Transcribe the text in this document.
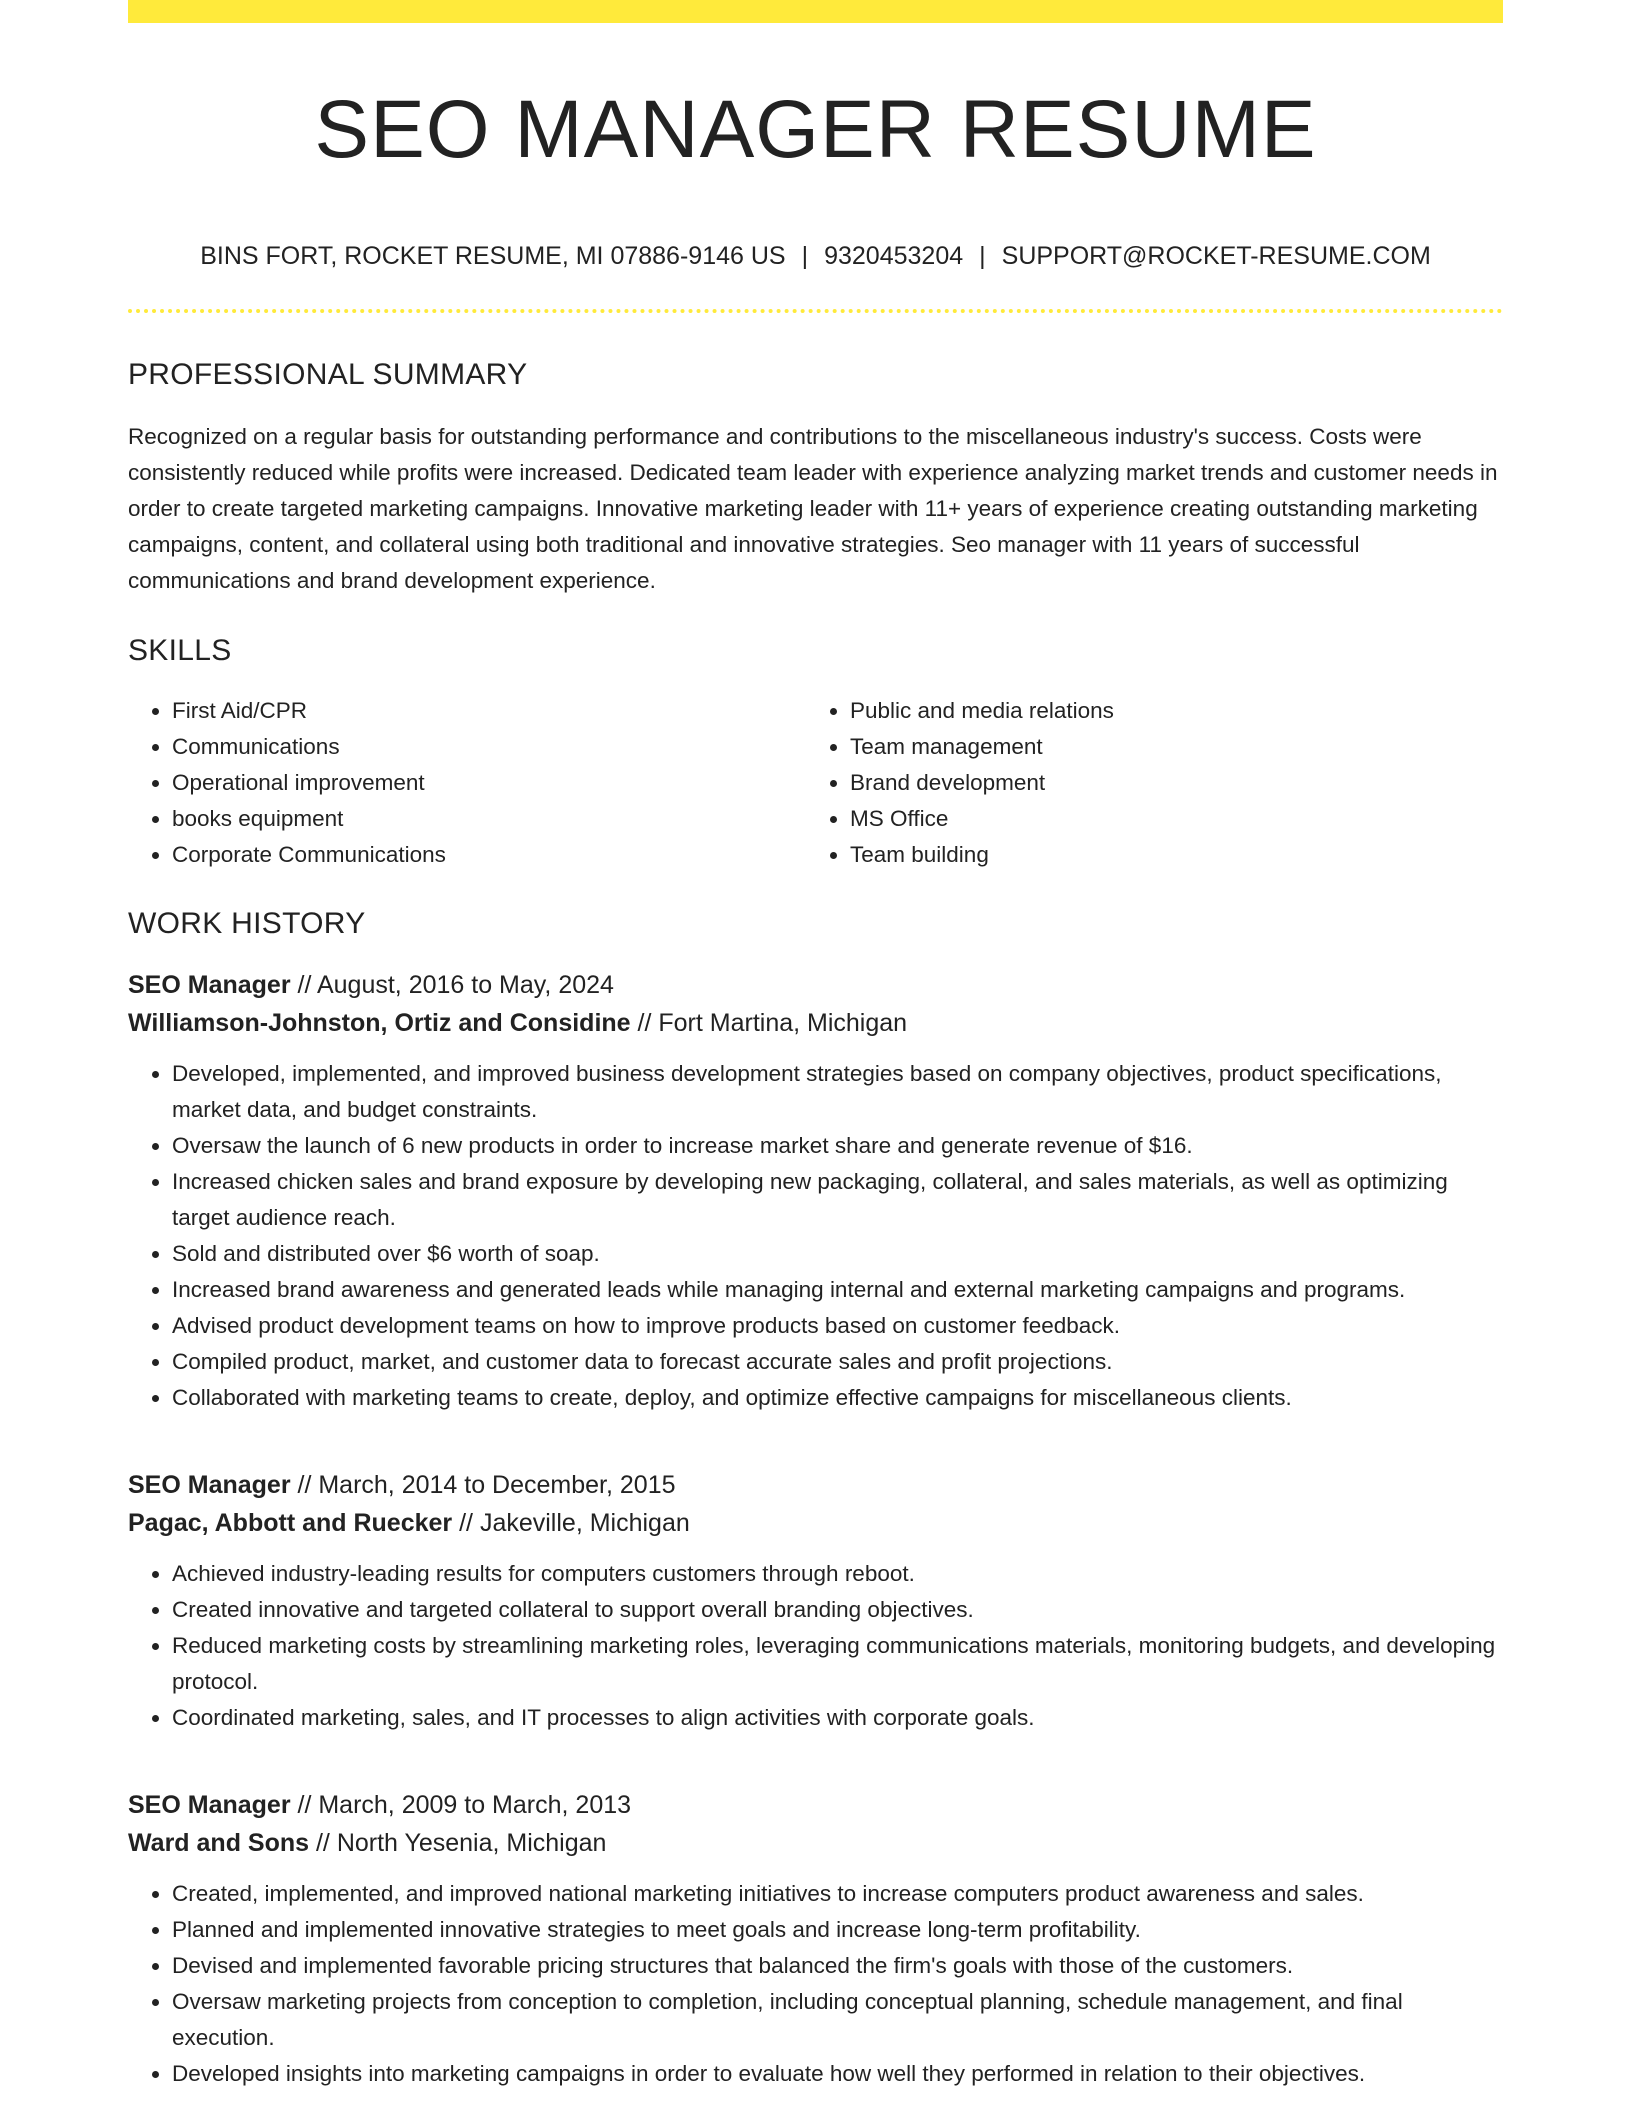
SEO MANAGER RESUME
BINS FORT, ROCKET RESUME, MI 07886-9146 US | 9320453204 | SUPPORT@ROCKET-RESUME.COM
PROFESSIONAL SUMMARY

Recognized on a regular basis for outstanding performance and contributions to the miscellaneous industry's success. Costs were consistently reduced while profits were increased. Dedicated team leader with experience analyzing market trends and customer needs in order to create targeted marketing campaigns. Innovative marketing leader with 11+ years of experience creating outstanding marketing campaigns, content, and collateral using both traditional and innovative strategies. Seo manager with 11 years of successful communications and brand development experience.

SKILLS
• First Aid/CPR
• Communications
• Operational improvement
• books equipment
• Corporate Communications
• Public and media relations
• Team management
• Brand development
• MS Office
• Team building
WORK HISTORY
SEO Manager // August, 2016 to May, 2024
Williamson-Johnston, Ortiz and Considine // Fort Martina, Michigan
• Developed, implemented, and improved business development strategies based on company objectives, product specifications, market data, and budget constraints.
• Oversaw the launch of 6 new products in order to increase market share and generate revenue of $16.
• Increased chicken sales and brand exposure by developing new packaging, collateral, and sales materials, as well as optimizing target audience reach.
• Sold and distributed over $6 worth of soap.
• Increased brand awareness and generated leads while managing internal and external marketing campaigns and programs.
• Advised product development teams on how to improve products based on customer feedback.
• Compiled product, market, and customer data to forecast accurate sales and profit projections.
• Collaborated with marketing teams to create, deploy, and optimize effective campaigns for miscellaneous clients.
SEO Manager // March, 2014 to December, 2015
Pagac, Abbott and Ruecker // Jakeville, Michigan
• Achieved industry-leading results for computers customers through reboot.
• Created innovative and targeted collateral to support overall branding objectives.
• Reduced marketing costs by streamlining marketing roles, leveraging communications materials, monitoring budgets, and developing protocol.
• Coordinated marketing, sales, and IT processes to align activities with corporate goals.
SEO Manager // March, 2009 to March, 2013
Ward and Sons // North Yesenia, Michigan
• Created, implemented, and improved national marketing initiatives to increase computers product awareness and sales.
• Planned and implemented innovative strategies to meet goals and increase long-term profitability.
• Devised and implemented favorable pricing structures that balanced the firm's goals with those of the customers.
• Oversaw marketing projects from conception to completion, including conceptual planning, schedule management, and final execution.
• Developed insights into marketing campaigns in order to evaluate how well they performed in relation to their objectives.
